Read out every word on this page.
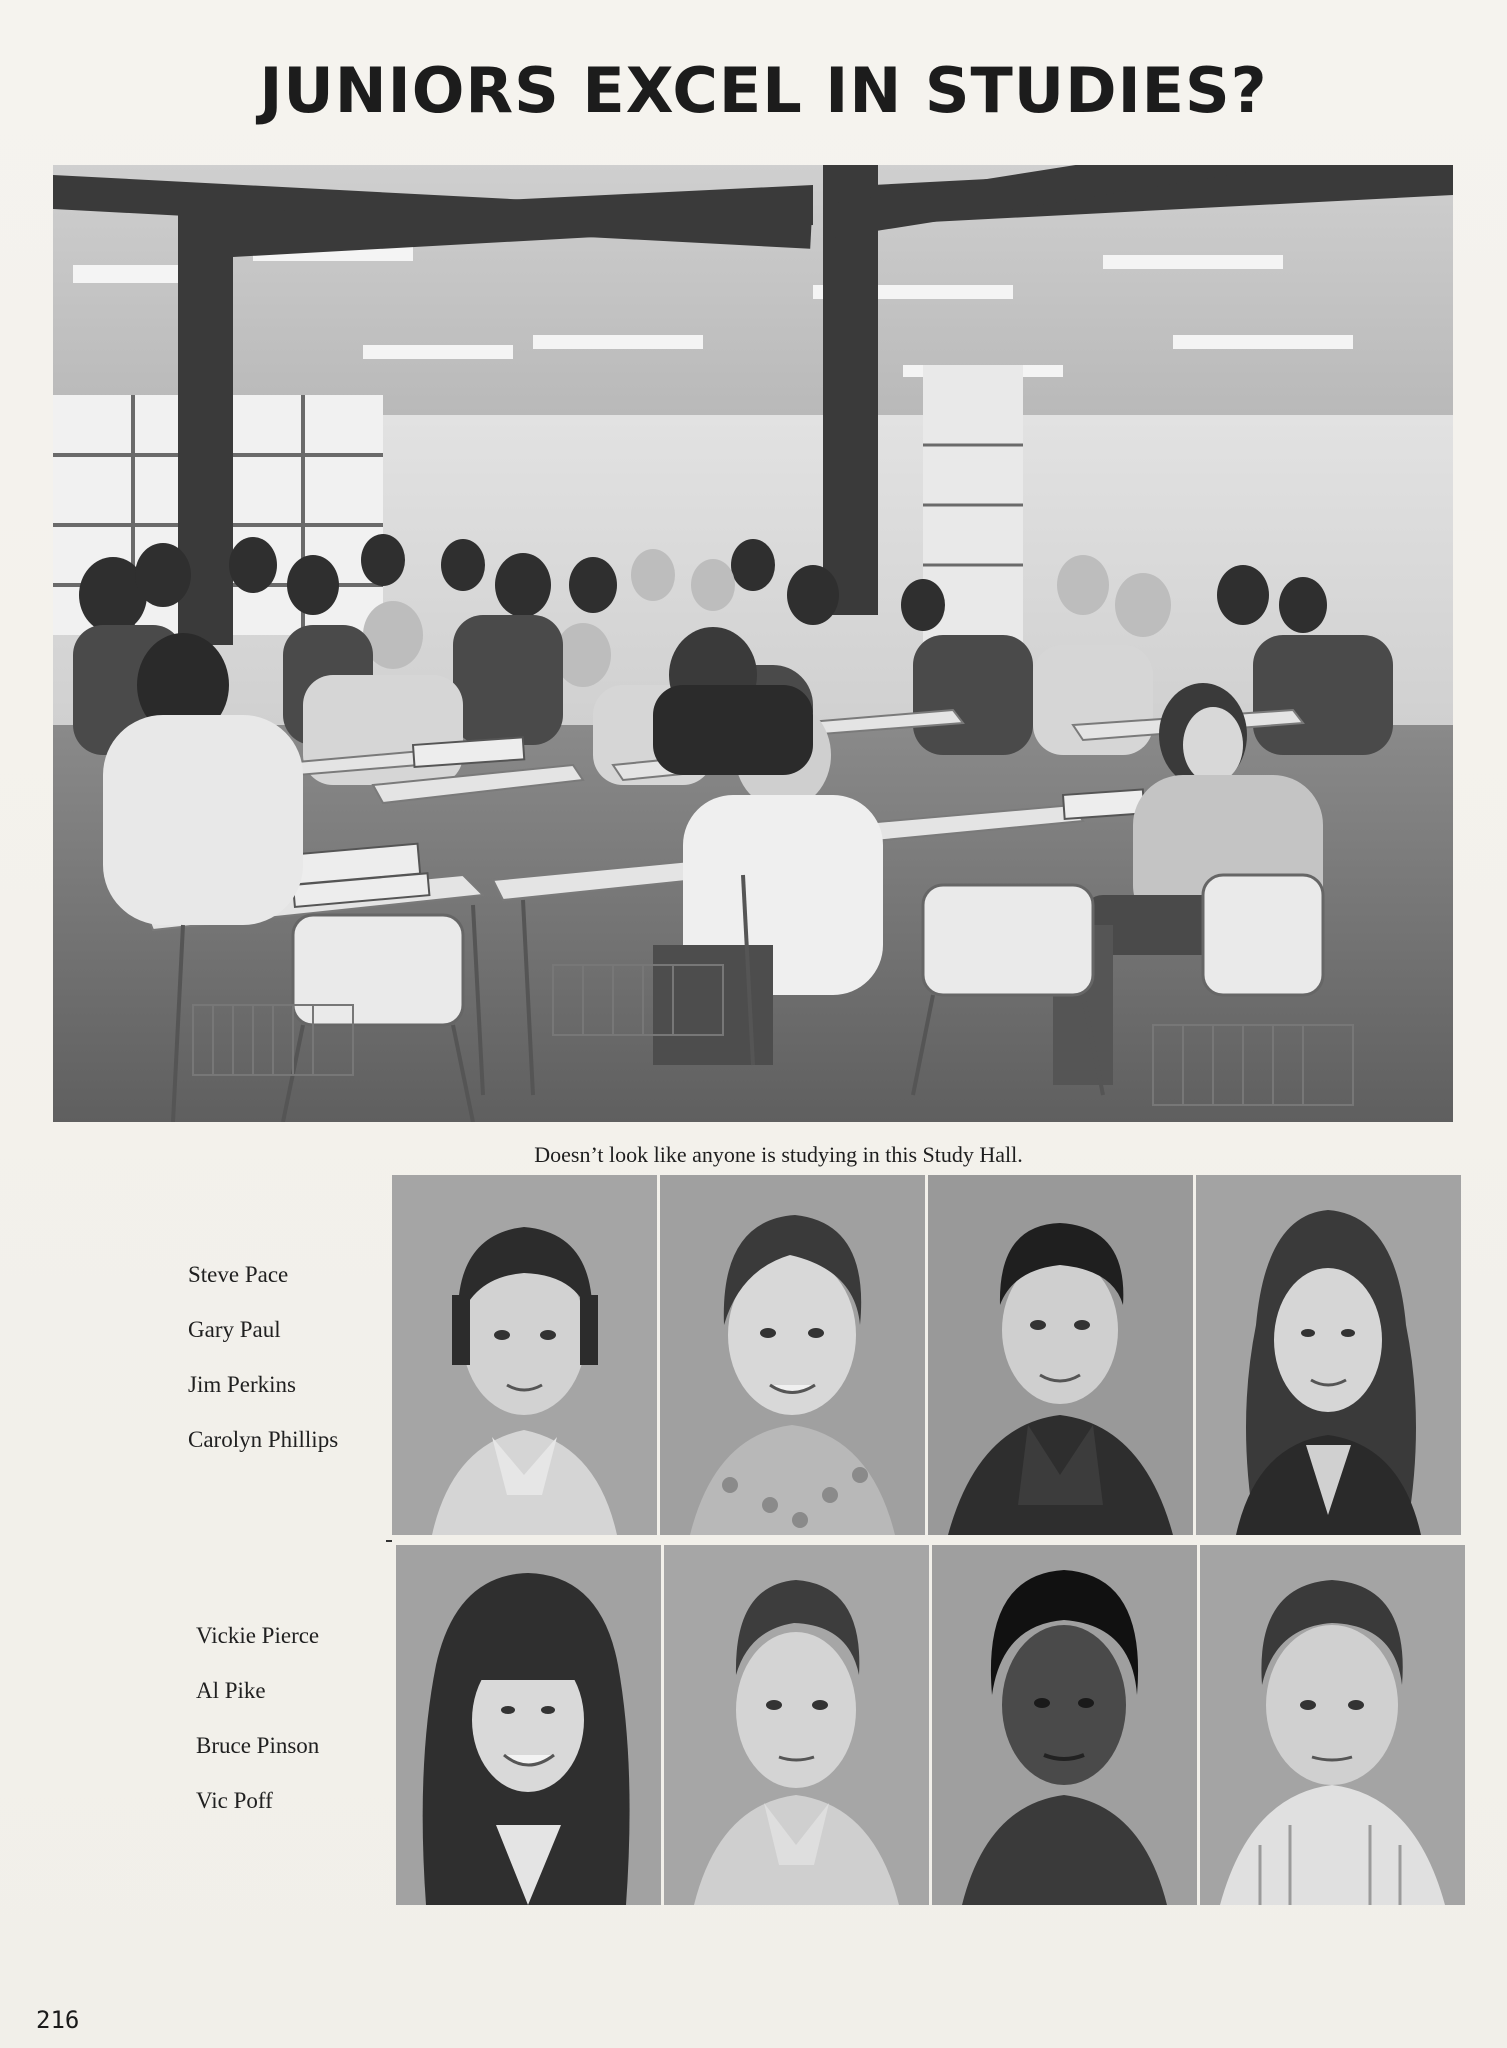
JUNIORS EXCEL IN STUDIES?
Doesn’t look like anyone is studying in this Study Hall.
Steve Pace
Gary Paul
Jim Perkins
Carolyn Phillips
Vickie Pierce
Al Pike
Bruce Pinson
Vic Poff
216
